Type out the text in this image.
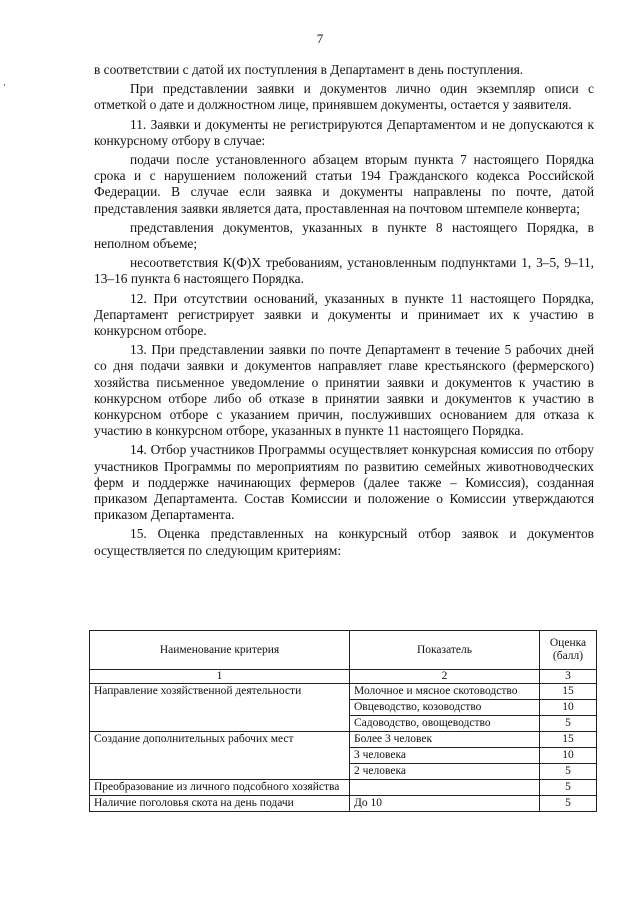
7

в соответствии с датой их поступления в Департамент в день поступления.

При представлении заявки и документов лично один экземпляр описи с отметкой о дате и должностном лице, принявшем документы, остается у заявителя.

11. Заявки и документы не регистрируются Департаментом и не допускаются к конкурсному отбору в случае:

подачи после установленного абзацем вторым пункта 7 настоящего Порядка срока и с нарушением положений статьи 194 Гражданского кодекса Российской Федерации. В случае если заявка и документы направлены по почте, датой представления заявки является дата, проставленная на почтовом штемпеле конверта;

представления документов, указанных в пункте 8 настоящего Порядка, в неполном объеме;

несоответствия К(Ф)Х требованиям, установленным подпунктами 1, 3–5, 9–11, 13–16 пункта 6 настоящего Порядка.

12. При отсутствии оснований, указанных в пункте 11 настоящего Порядка, Департамент регистрирует заявки и документы и принимает их к участию в конкурсном отборе.

13. При представлении заявки по почте Департамент в течение 5 рабочих дней со дня подачи заявки и документов направляет главе крестьянского (фермерского) хозяйства письменное уведомление о принятии заявки и документов к участию в конкурсном отборе либо об отказе в принятии заявки и документов к участию в конкурсном отборе с указанием причин, послуживших основанием для отказа к участию в конкурсном отборе, указанных в пункте 11 настоящего Порядка.

14. Отбор участников Программы осуществляет конкурсная комиссия по отбору участников Программы по мероприятиям по развитию семейных животноводческих ферм и поддержке начинающих фермеров (далее также – Комиссия), созданная приказом Департамента. Состав Комиссии и положение о Комиссии утверждаются приказом Департамента.

15. Оценка представленных на конкурсный отбор заявок и документов осуществляется по следующим критериям:

Наименование критерия	Показатель	Оценка (балл)
1	2	3
Направление хозяйственной деятельности	Молочное и мясное скотоводство	15
	Овцеводство, козоводство	10
	Садоводство, овощеводство	5
Создание дополнительных рабочих мест	Более 3 человек	15
	3 человека	10
	2 человека	5
Преобразование из личного подсобного хозяйства		5
Наличие поголовья скота на день подачи	До 10	5
